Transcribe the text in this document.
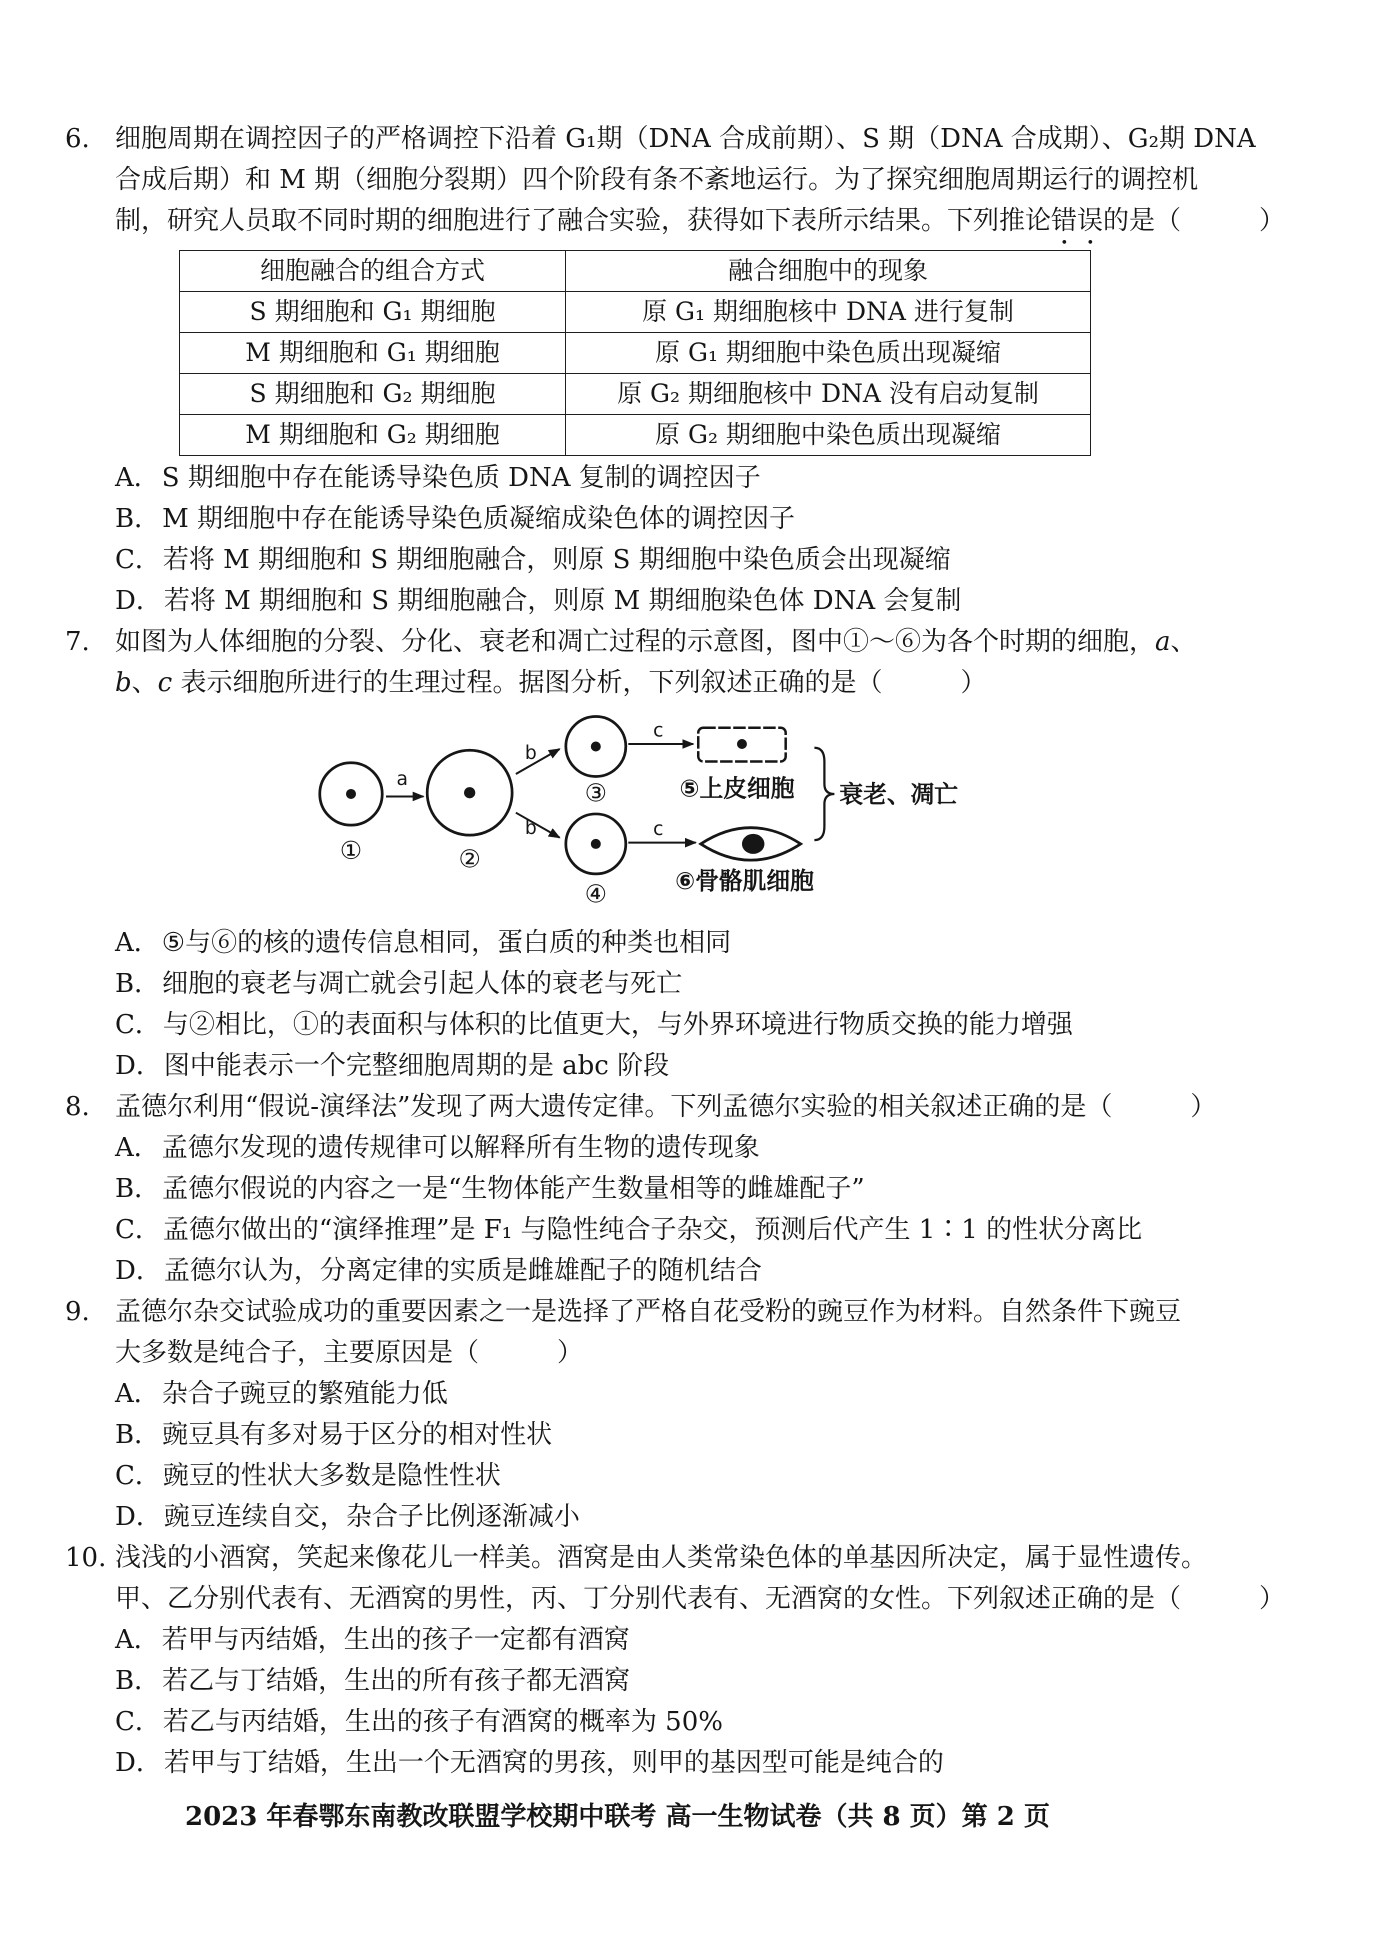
6. 细胞周期在调控因子的严格调控下沿着 G₁期（DNA 合成前期）、S 期（DNA 合成期）、G₂期 DNA
合成后期）和 M 期（细胞分裂期）四个阶段有条不紊地运行。为了探究细胞周期运行的调控机
制，研究人员取不同时期的细胞进行了融合实验，获得如下表所示结果。下列推论错误的是（　　　）
细胞融合的组合方式	融合细胞中的现象
S 期细胞和 G₁ 期细胞	原 G₁ 期细胞核中 DNA 进行复制
M 期细胞和 G₁ 期细胞	原 G₁ 期细胞中染色质出现凝缩
S 期细胞和 G₂ 期细胞	原 G₂ 期细胞核中 DNA 没有启动复制
M 期细胞和 G₂ 期细胞	原 G₂ 期细胞中染色质出现凝缩
A．S 期细胞中存在能诱导染色质 DNA 复制的调控因子
B．M 期细胞中存在能诱导染色质凝缩成染色体的调控因子
C．若将 M 期细胞和 S 期细胞融合，则原 S 期细胞中染色质会出现凝缩
D．若将 M 期细胞和 S 期细胞融合，则原 M 期细胞染色体 DNA 会复制
7. 如图为人体细胞的分裂、分化、衰老和凋亡过程的示意图，图中①～⑥为各个时期的细胞，a、
b、c 表示细胞所进行的生理过程。据图分析，下列叙述正确的是（　　　）
①	②
③
④
a
b
b
c
c
⑤上皮细胞
⑥骨骼肌细胞
衰老、凋亡
A．⑤与⑥的核的遗传信息相同，蛋白质的种类也相同
B．细胞的衰老与凋亡就会引起人体的衰老与死亡
C．与②相比，①的表面积与体积的比值更大，与外界环境进行物质交换的能力增强
D．图中能表示一个完整细胞周期的是 abc 阶段
8. 孟德尔利用“假说-演绎法”发现了两大遗传定律。下列孟德尔实验的相关叙述正确的是（　　　）
A．孟德尔发现的遗传规律可以解释所有生物的遗传现象
B．孟德尔假说的内容之一是“生物体能产生数量相等的雌雄配子”
C．孟德尔做出的“演绎推理”是 F₁ 与隐性纯合子杂交，预测后代产生 1∶1 的性状分离比
D．孟德尔认为，分离定律的实质是雌雄配子的随机结合
9. 孟德尔杂交试验成功的重要因素之一是选择了严格自花受粉的豌豆作为材料。自然条件下豌豆
大多数是纯合子，主要原因是（　　　）
A．杂合子豌豆的繁殖能力低
B．豌豆具有多对易于区分的相对性状
C．豌豆的性状大多数是隐性性状
D．豌豆连续自交，杂合子比例逐渐减小
10. 浅浅的小酒窝，笑起来像花儿一样美。酒窝是由人类常染色体的单基因所决定，属于显性遗传。
甲、乙分别代表有、无酒窝的男性，丙、丁分别代表有、无酒窝的女性。下列叙述正确的是（　　　）
A．若甲与丙结婚，生出的孩子一定都有酒窝
B．若乙与丁结婚，生出的所有孩子都无酒窝
C．若乙与丙结婚，生出的孩子有酒窝的概率为 50%
D．若甲与丁结婚，生出一个无酒窝的男孩，则甲的基因型可能是纯合的
2023 年春鄂东南教改联盟学校期中联考 高一生物试卷（共 8 页）第 2 页
